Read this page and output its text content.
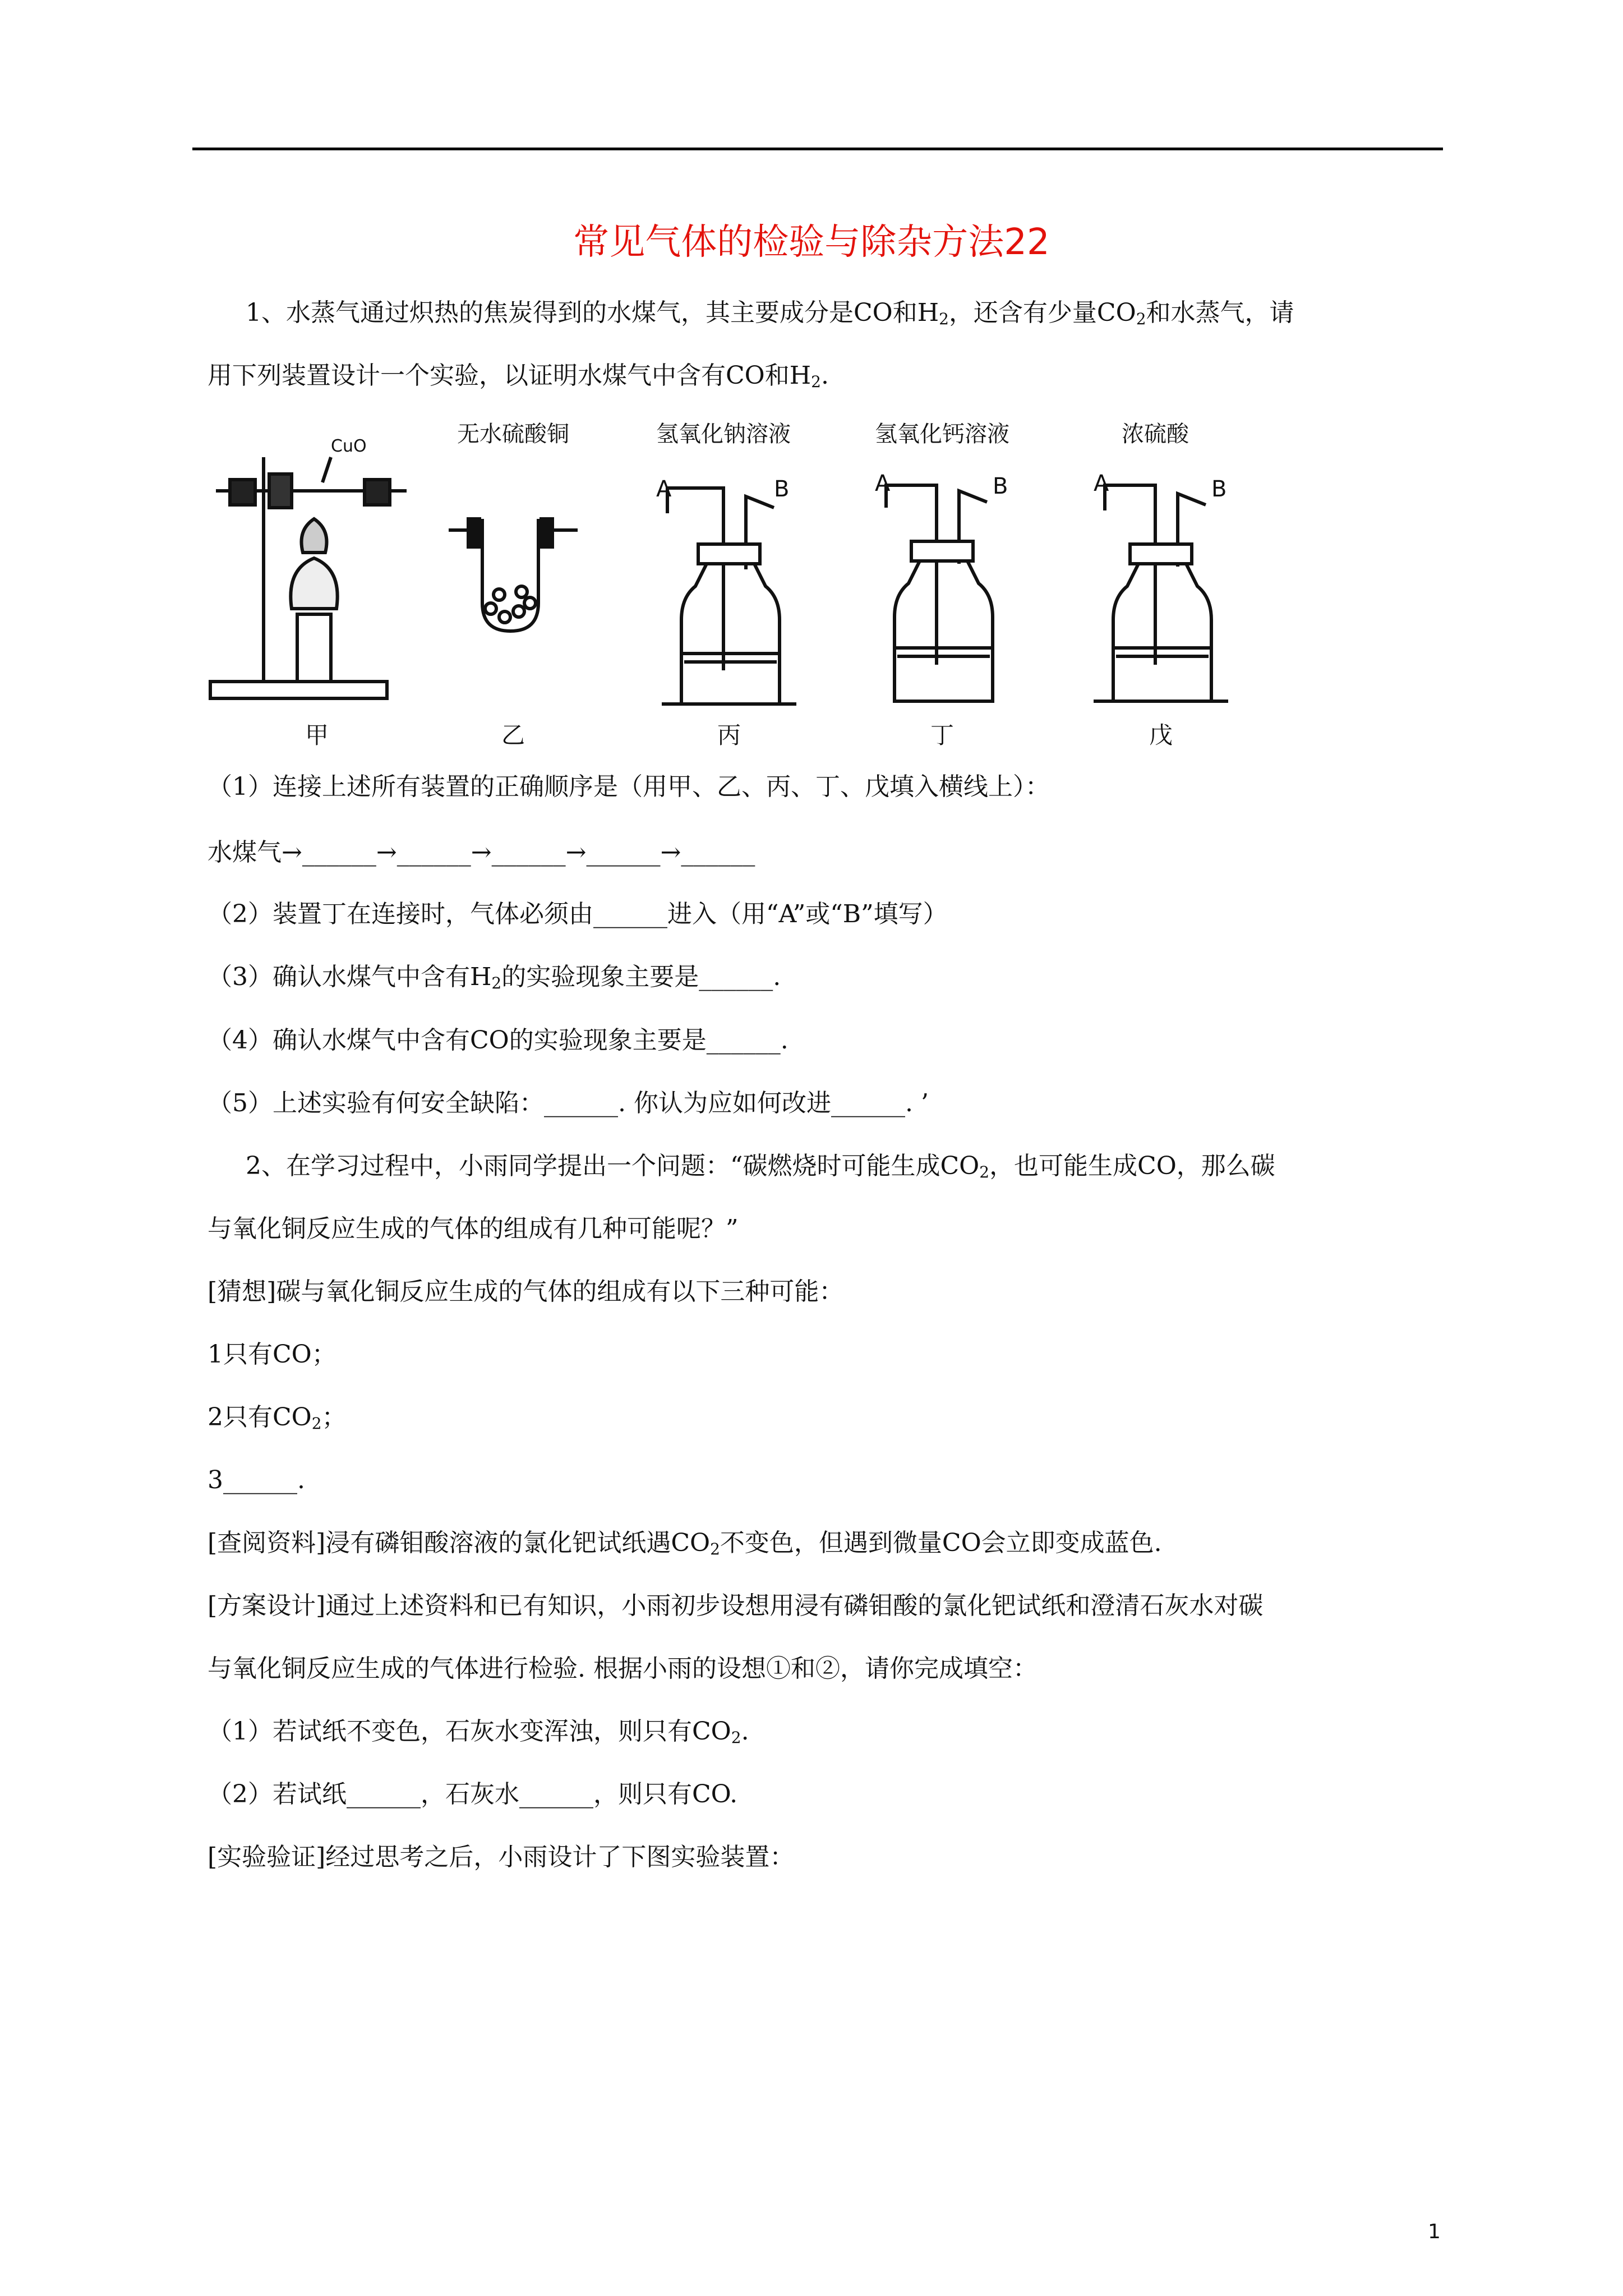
常见气体的检验与除杂方法22
1、水蒸气通过炽热的焦炭得到的水煤气，其主要成分是CO和$H_2$，还含有少量$CO_2$和水蒸气，请
用下列装置设计一个实验，以证明水煤气中含有CO和$H_2$.
CuO
甲
无水硫酸铜
乙
氢氧化钠溶液
A	B
丙
氢氧化钙溶液
A	B
丁
浓硫酸
A	B
戊
（1）连接上述所有装置的正确顺序是（用甲、乙、丙、丁、戊填入横线上）：
水煤气→______→______→______→______→______
（2）装置丁在连接时，气体必须由______进入（用“A”或“B”填写）
（3）确认水煤气中含有$H_2$的实验现象主要是______.
（4）确认水煤气中含有CO的实验现象主要是______.
（5）上述实验有何安全缺陷：______. 你认为应如何改进______. ’
2、在学习过程中，小雨同学提出一个问题：“碳燃烧时可能生成$CO_2$，也可能生成CO，那么碳
与氧化铜反应生成的气体的组成有几种可能呢？”
[猜想]碳与氧化铜反应生成的气体的组成有以下三种可能：
1只有CO；
2只有$CO_2$；
3______.
[查阅资料]浸有磷钼酸溶液的氯化钯试纸遇$CO_2$不变色，但遇到微量CO会立即变成蓝色.
[方案设计]通过上述资料和已有知识，小雨初步设想用浸有磷钼酸的氯化钯试纸和澄清石灰水对碳
与氧化铜反应生成的气体进行检验. 根据小雨的设想①和②，请你完成填空：
（1）若试纸不变色，石灰水变浑浊，则只有$CO_2$.
（2）若试纸______，石灰水______，则只有CO.
[实验验证]经过思考之后，小雨设计了下图实验装置：
1
